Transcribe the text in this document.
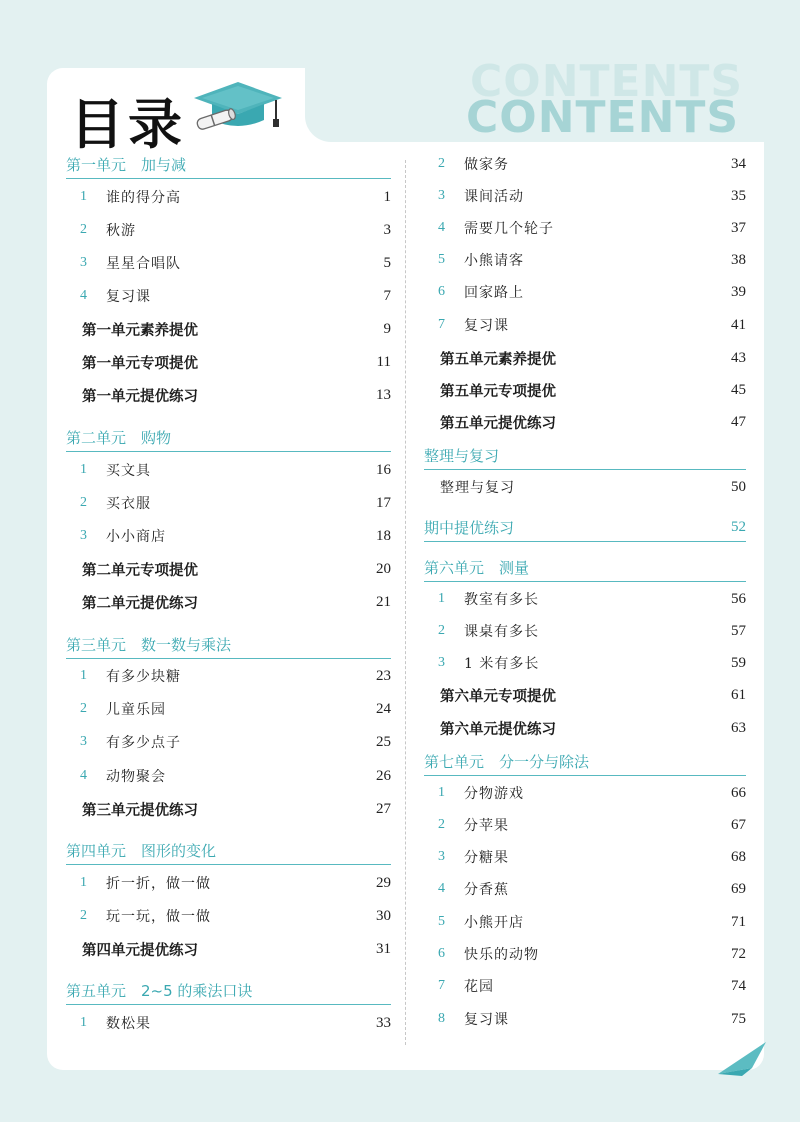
目录
CONTENTS
CONTENTS
第一单元　加与减
1	谁的得分高	1
2	秋游	3
3	星星合唱队	5
4	复习课	7
第一单元素养提优	9
第一单元专项提优	11
第一单元提优练习	13
第二单元　购物
1	买文具	16
2	买衣服	17
3	小小商店	18
第二单元专项提优	20
第二单元提优练习	21
第三单元　数一数与乘法
1	有多少块糖	23
2	儿童乐园	24
3	有多少点子	25
4	动物聚会	26
第三单元提优练习	27
第四单元　图形的变化
1	折一折，做一做	29
2	玩一玩，做一做	30
第四单元提优练习	31
第五单元　2~5 的乘法口诀
1	数松果	33
2	做家务	34
3	课间活动	35
4	需要几个轮子	37
5	小熊请客	38
6	回家路上	39
7	复习课	41
第五单元素养提优	43
第五单元专项提优	45
第五单元提优练习	47
整理与复习
整理与复习	50
期中提优练习	52
第六单元　测量
1	教室有多长	56
2	课桌有多长	57
3	1 米有多长	59
第六单元专项提优	61
第六单元提优练习	63
第七单元　分一分与除法
1	分物游戏	66
2	分苹果	67
3	分糖果	68
4	分香蕉	69
5	小熊开店	71
6	快乐的动物	72
7	花园	74
8	复习课	75
